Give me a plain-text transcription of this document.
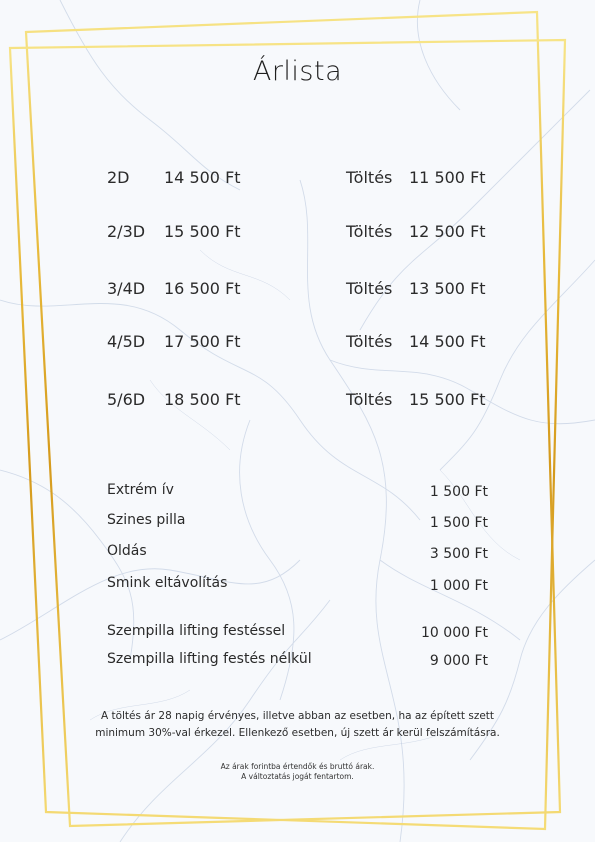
Árlista
2D 14 500 Ft	Töltés 11 500 Ft
2/3D 15 500 Ft	Töltés 12 500 Ft
3/4D 16 500 Ft	Töltés 13 500 Ft
4/5D 17 500 Ft	Töltés 14 500 Ft
5/6D 18 500 Ft	Töltés 15 500 Ft
Extrém ív	1 500 Ft
Szines pilla	1 500 Ft
Oldás	3 500 Ft
Smink eltávolítás	1 000 Ft
Szempilla lifting festéssel	10 000 Ft
Szempilla lifting festés nélkül	9 000 Ft
A töltés ár 28 napig érvényes, illetve abban az esetben, ha az épített szett
minimum 30%-val érkezel. Ellenkező esetben, új szett ár kerül felszámításra.
Az árak forintba értendők és bruttó árak.
A változtatás jogát fentartom.
